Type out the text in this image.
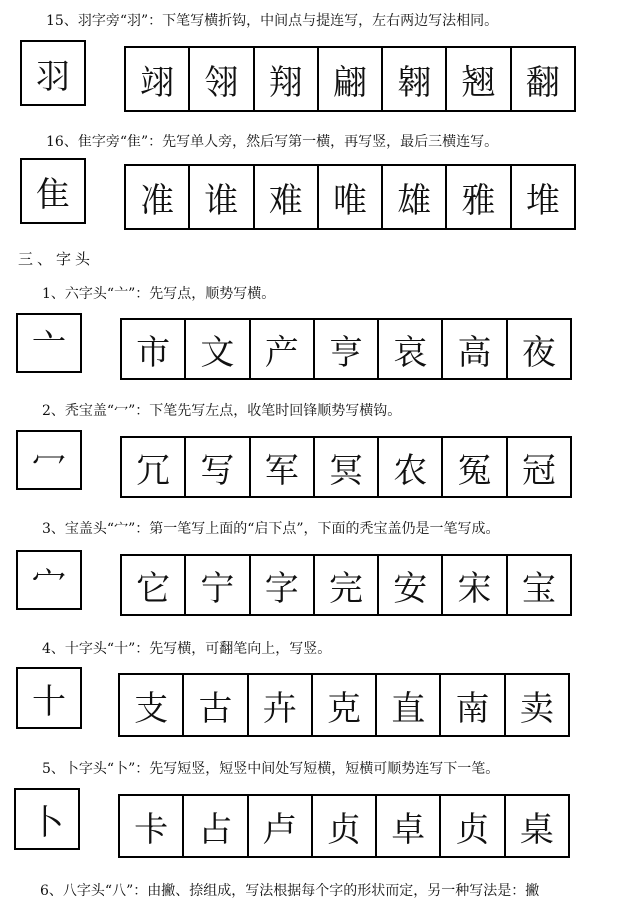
15、羽字旁“羽”：下笔写横折钩，中间点与提连写，左右两边写法相同。
羽	翊 翎 翔 翩 翱 翘 翻
16、隹字旁“隹”：先写单人旁，然后写第一横，再写竖，最后三横连写。
隹	准 谁 难 唯 雄 雅 堆
三、字头
1、六字头“亠”：先写点，顺势写横。
亠	市 文 产 亨 哀 高 夜
2、秃宝盖“冖”：下笔先写左点，收笔时回锋顺势写横钩。
冖	冗 写 军 冥 农 冤 冠
3、宝盖头“宀”：第一笔写上面的“启下点”，下面的秃宝盖仍是一笔写成。
宀	它 宁 字 完 安 宋 宝
4、十字头“十”：先写横，可翻笔向上，写竖。
十	支 古 卉 克 直 南 卖
5、卜字头“卜”：先写短竖，短竖中间处写短横，短横可顺势连写下一笔。
卜	卡 占 卢 贞 卓 贞 桌
6、八字头“八”：由撇、捺组成，写法根据每个字的形状而定，另一种写法是：撇
